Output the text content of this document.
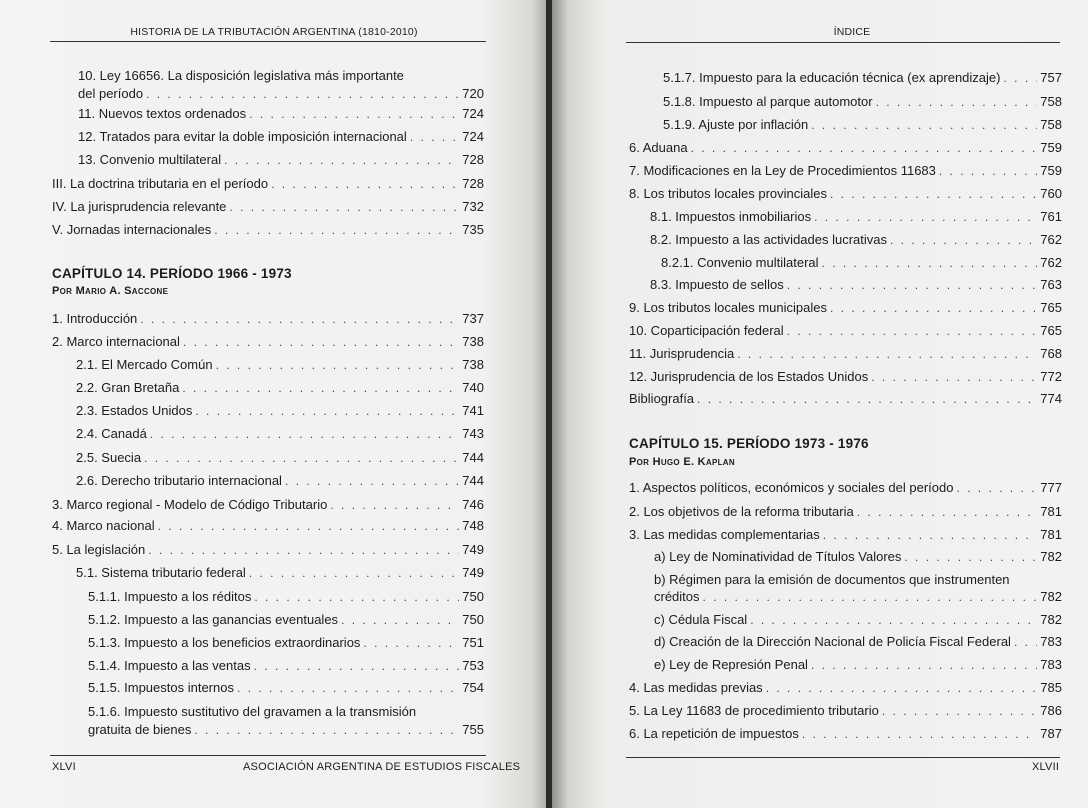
HISTORIA DE LA TRIBUTACIÓN ARGENTINA (1810-2010)
10. Ley 16656. La disposición legislativa más importante
del período . . .	720
11. Nuevos textos ordenados . . .	724
12. Tratados para evitar la doble imposición internacional . . .	724
13. Convenio multilateral . . .	728
III. La doctrina tributaria en el período . . .	728
IV. La jurisprudencia relevante . . .	732
V. Jornadas internacionales . . .	735
CAPÍTULO 14. PERÍODO 1966 - 1973
Por Mario A. Saccone
1. Introducción . . .	737
2. Marco internacional . . .	738
2.1. El Mercado Común . . .	738
2.2. Gran Bretaña . . .	740
2.3. Estados Unidos . . .	741
2.4. Canadá . . .	743
2.5. Suecia . . .	744
2.6. Derecho tributario internacional . . .	744
3. Marco regional - Modelo de Código Tributario . . .	746
4. Marco nacional . . .	748
5. La legislación . . .	749
5.1. Sistema tributario federal . . .	749
5.1.1. Impuesto a los réditos . . .	750
5.1.2. Impuesto a las ganancias eventuales . . .	750
5.1.3. Impuesto a los beneficios extraordinarios . . .	751
5.1.4. Impuesto a las ventas . . .	753
5.1.5. Impuestos internos . . .	754
5.1.6. Impuesto sustitutivo del gravamen a la transmisión
gratuita de bienes . . .	755
XLVI	ASOCIACIÓN ARGENTINA DE ESTUDIOS FISCALES
ÍNDICE
5.1.7. Impuesto para la educación técnica (ex aprendizaje) . . .	757
5.1.8. Impuesto al parque automotor . . .	758
5.1.9. Ajuste por inflación . . .	758
6. Aduana . . .	759
7. Modificaciones en la Ley de Procedimientos 11683 . . .	759
8. Los tributos locales provinciales . . .	760
8.1. Impuestos inmobiliarios . . .	761
8.2. Impuesto a las actividades lucrativas . . .	762
8.2.1. Convenio multilateral . . .	762
8.3. Impuesto de sellos . . .	763
9. Los tributos locales municipales . . .	765
10. Coparticipación federal . . .	765
11. Jurisprudencia . . .	768
12. Jurisprudencia de los Estados Unidos . . .	772
Bibliografía . . .	774
CAPÍTULO 15. PERÍODO 1973 - 1976
Por Hugo E. Kaplan
1. Aspectos políticos, económicos y sociales del período . . .	777
2. Los objetivos de la reforma tributaria . . .	781
3. Las medidas complementarias . . .	781
a) Ley de Nominatividad de Títulos Valores . . .	782
b) Régimen para la emisión de documentos que instrumenten
créditos . . .	782
c) Cédula Fiscal . . .	782
d) Creación de la Dirección Nacional de Policía Fiscal Federal . . . 783
e) Ley de Represión Penal . . .	783
4. Las medidas previas . . .	785
5. La Ley 11683 de procedimiento tributario . . .	786
6. La repetición de impuestos . . .	787
XLVII
